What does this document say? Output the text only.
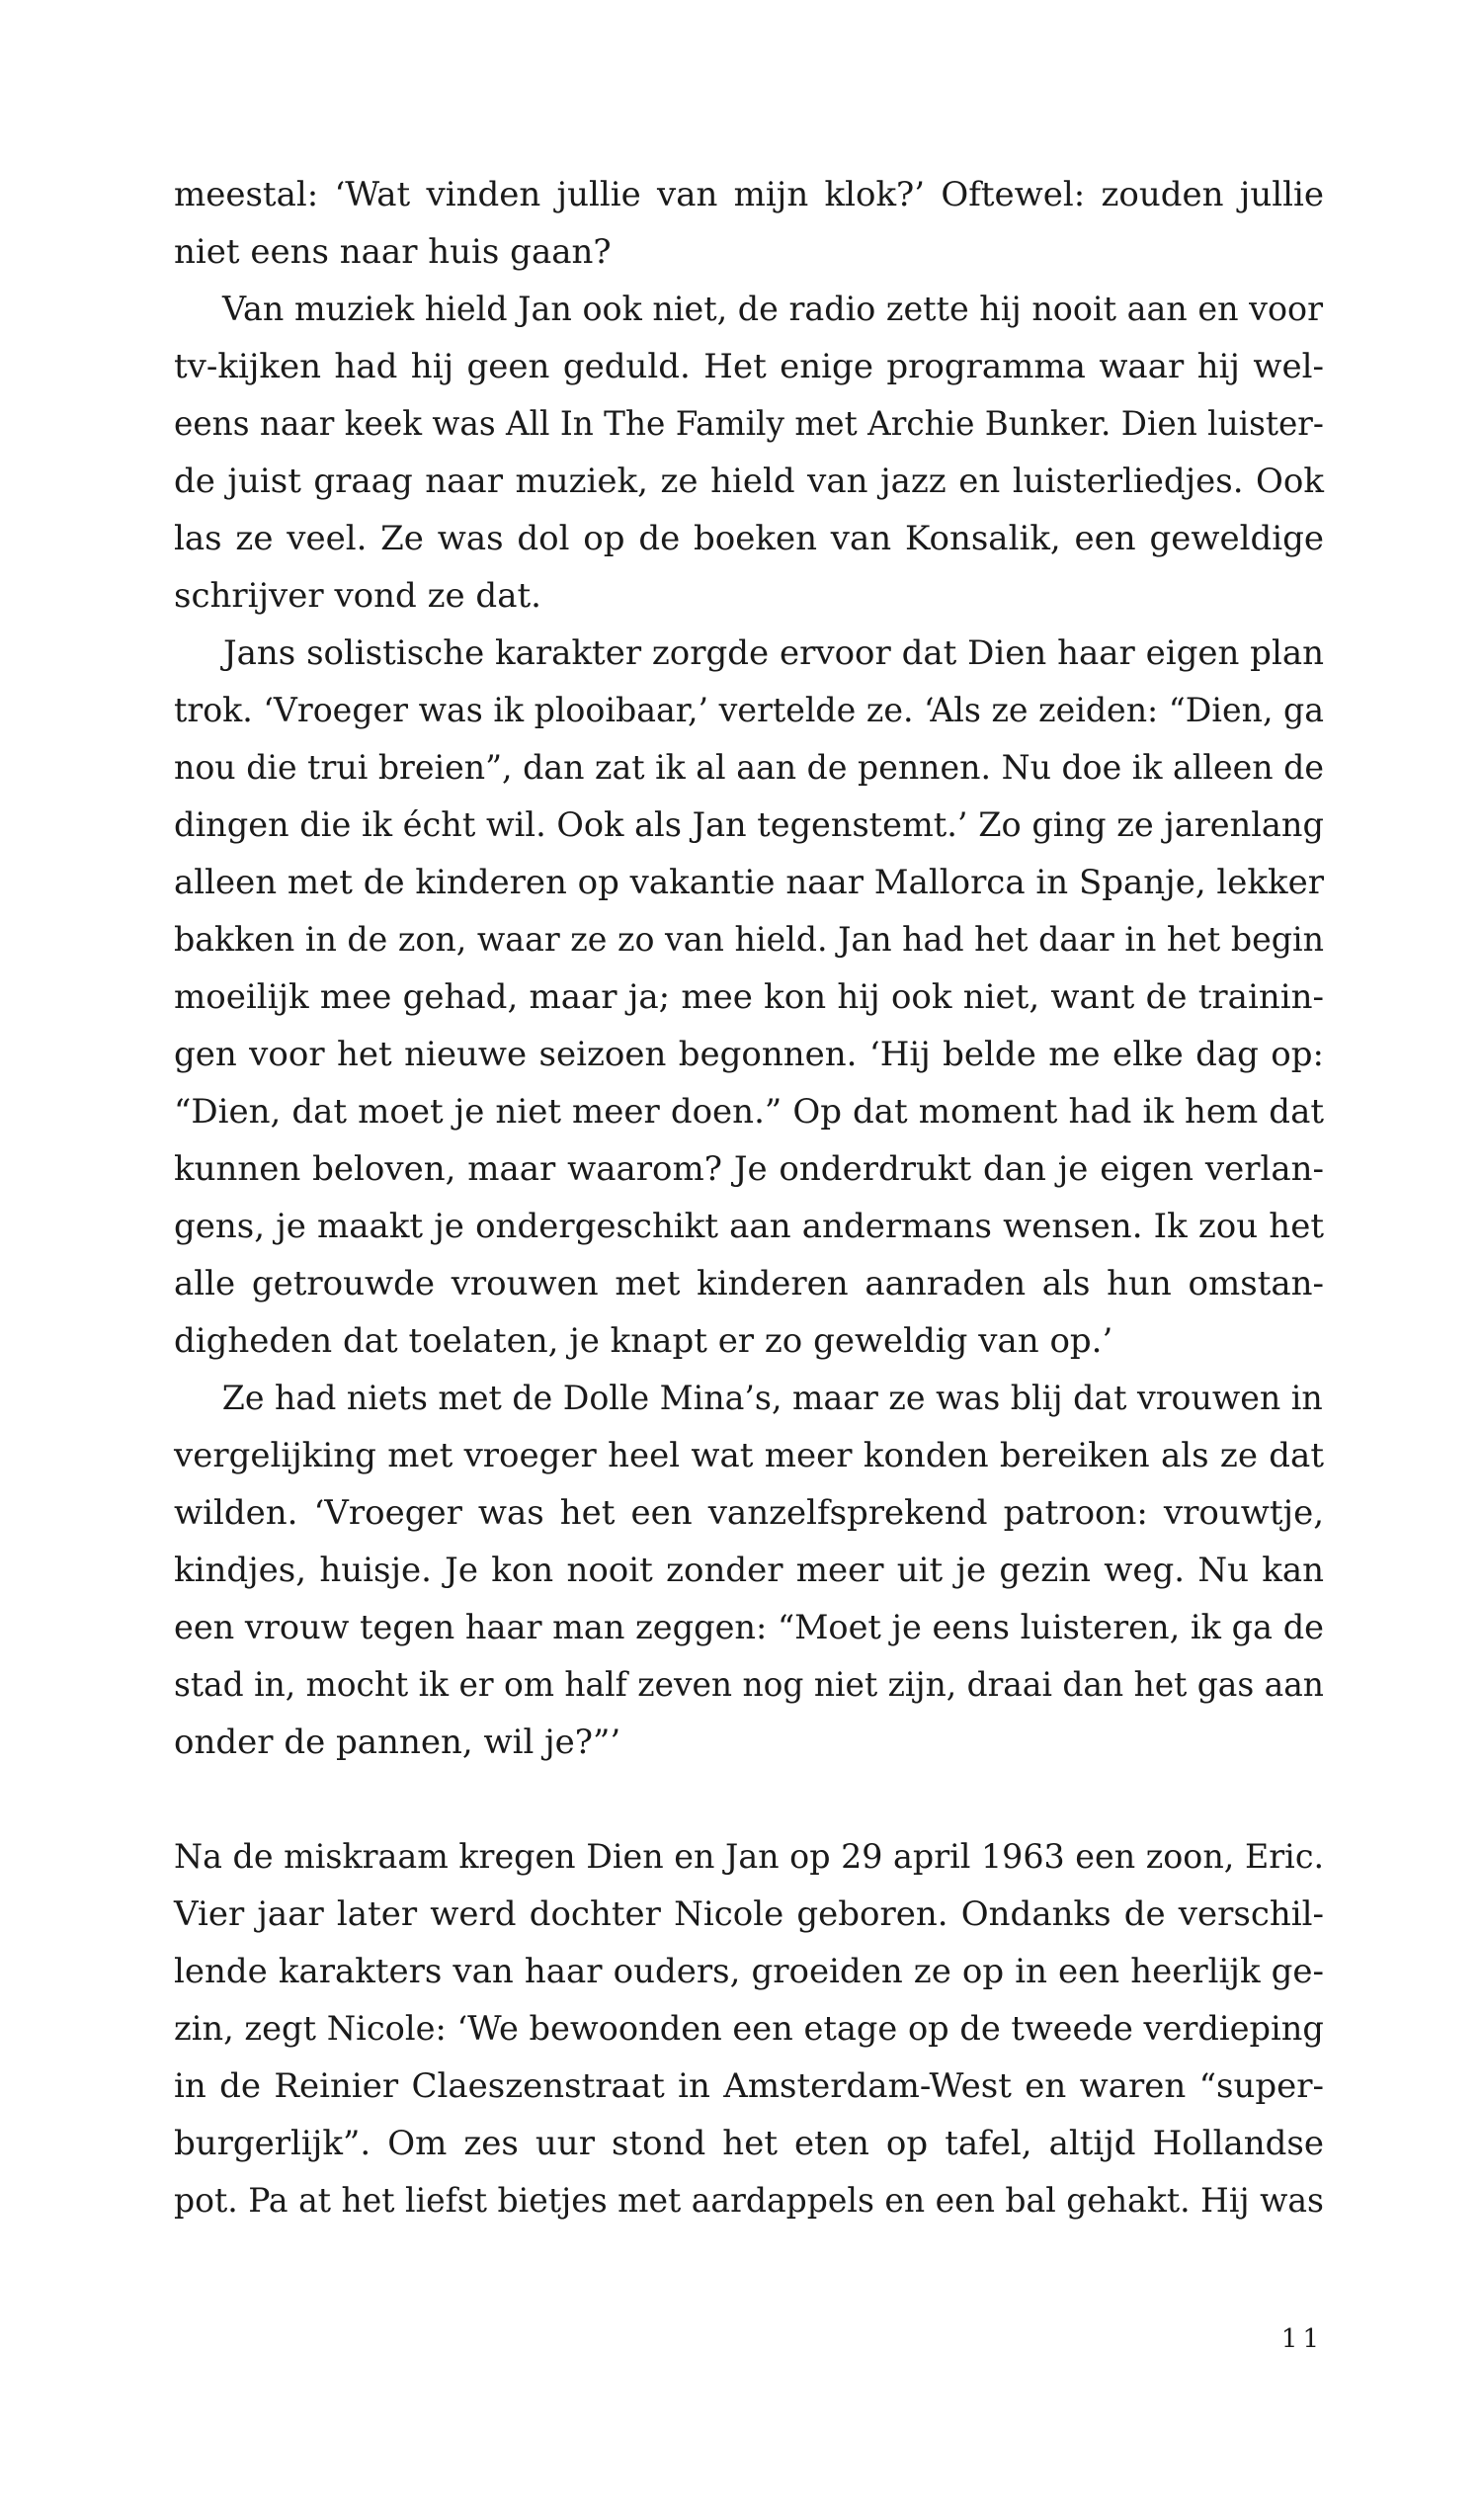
meestal: ‘Wat vinden jullie van mijn klok?’ Oftewel: zouden jullie
niet eens naar huis gaan?
Van muziek hield Jan ook niet, de radio zette hij nooit aan en voor
tv-kijken had hij geen geduld. Het enige programma waar hij wel-
eens naar keek was All In The Family met Archie Bunker. Dien luister-
de juist graag naar muziek, ze hield van jazz en luisterliedjes. Ook
las ze veel. Ze was dol op de boeken van Konsalik, een geweldige
schrijver vond ze dat.
Jans solistische karakter zorgde ervoor dat Dien haar eigen plan
trok. ‘Vroeger was ik plooibaar,’ vertelde ze. ‘Als ze zeiden: “Dien, ga
nou die trui breien”, dan zat ik al aan de pennen. Nu doe ik alleen de
dingen die ik écht wil. Ook als Jan tegenstemt.’ Zo ging ze jarenlang
alleen met de kinderen op vakantie naar Mallorca in Spanje, lekker
bakken in de zon, waar ze zo van hield. Jan had het daar in het begin
moeilijk mee gehad, maar ja; mee kon hij ook niet, want de trainin-
gen voor het nieuwe seizoen begonnen. ‘Hij belde me elke dag op:
“Dien, dat moet je niet meer doen.” Op dat moment had ik hem dat
kunnen beloven, maar waarom? Je onderdrukt dan je eigen verlan-
gens, je maakt je ondergeschikt aan andermans wensen. Ik zou het
alle getrouwde vrouwen met kinderen aanraden als hun omstan-
digheden dat toelaten, je knapt er zo geweldig van op.’
Ze had niets met de Dolle Mina’s, maar ze was blij dat vrouwen in
vergelijking met vroeger heel wat meer konden bereiken als ze dat
wilden. ‘Vroeger was het een vanzelfsprekend patroon: vrouwtje,
kindjes, huisje. Je kon nooit zonder meer uit je gezin weg. Nu kan
een vrouw tegen haar man zeggen: “Moet je eens luisteren, ik ga de
stad in, mocht ik er om half zeven nog niet zijn, draai dan het gas aan
onder de pannen, wil je?”’
Na de miskraam kregen Dien en Jan op 29 april 1963 een zoon, Eric.
Vier jaar later werd dochter Nicole geboren. Ondanks de verschil-
lende karakters van haar ouders, groeiden ze op in een heerlijk ge-
zin, zegt Nicole: ‘We bewoonden een etage op de tweede verdieping
in de Reinier Claeszenstraat in Amsterdam-West en waren “super-
burgerlijk”. Om zes uur stond het eten op tafel, altijd Hollandse
pot. Pa at het liefst bietjes met aardappels en een bal gehakt. Hij was
11
